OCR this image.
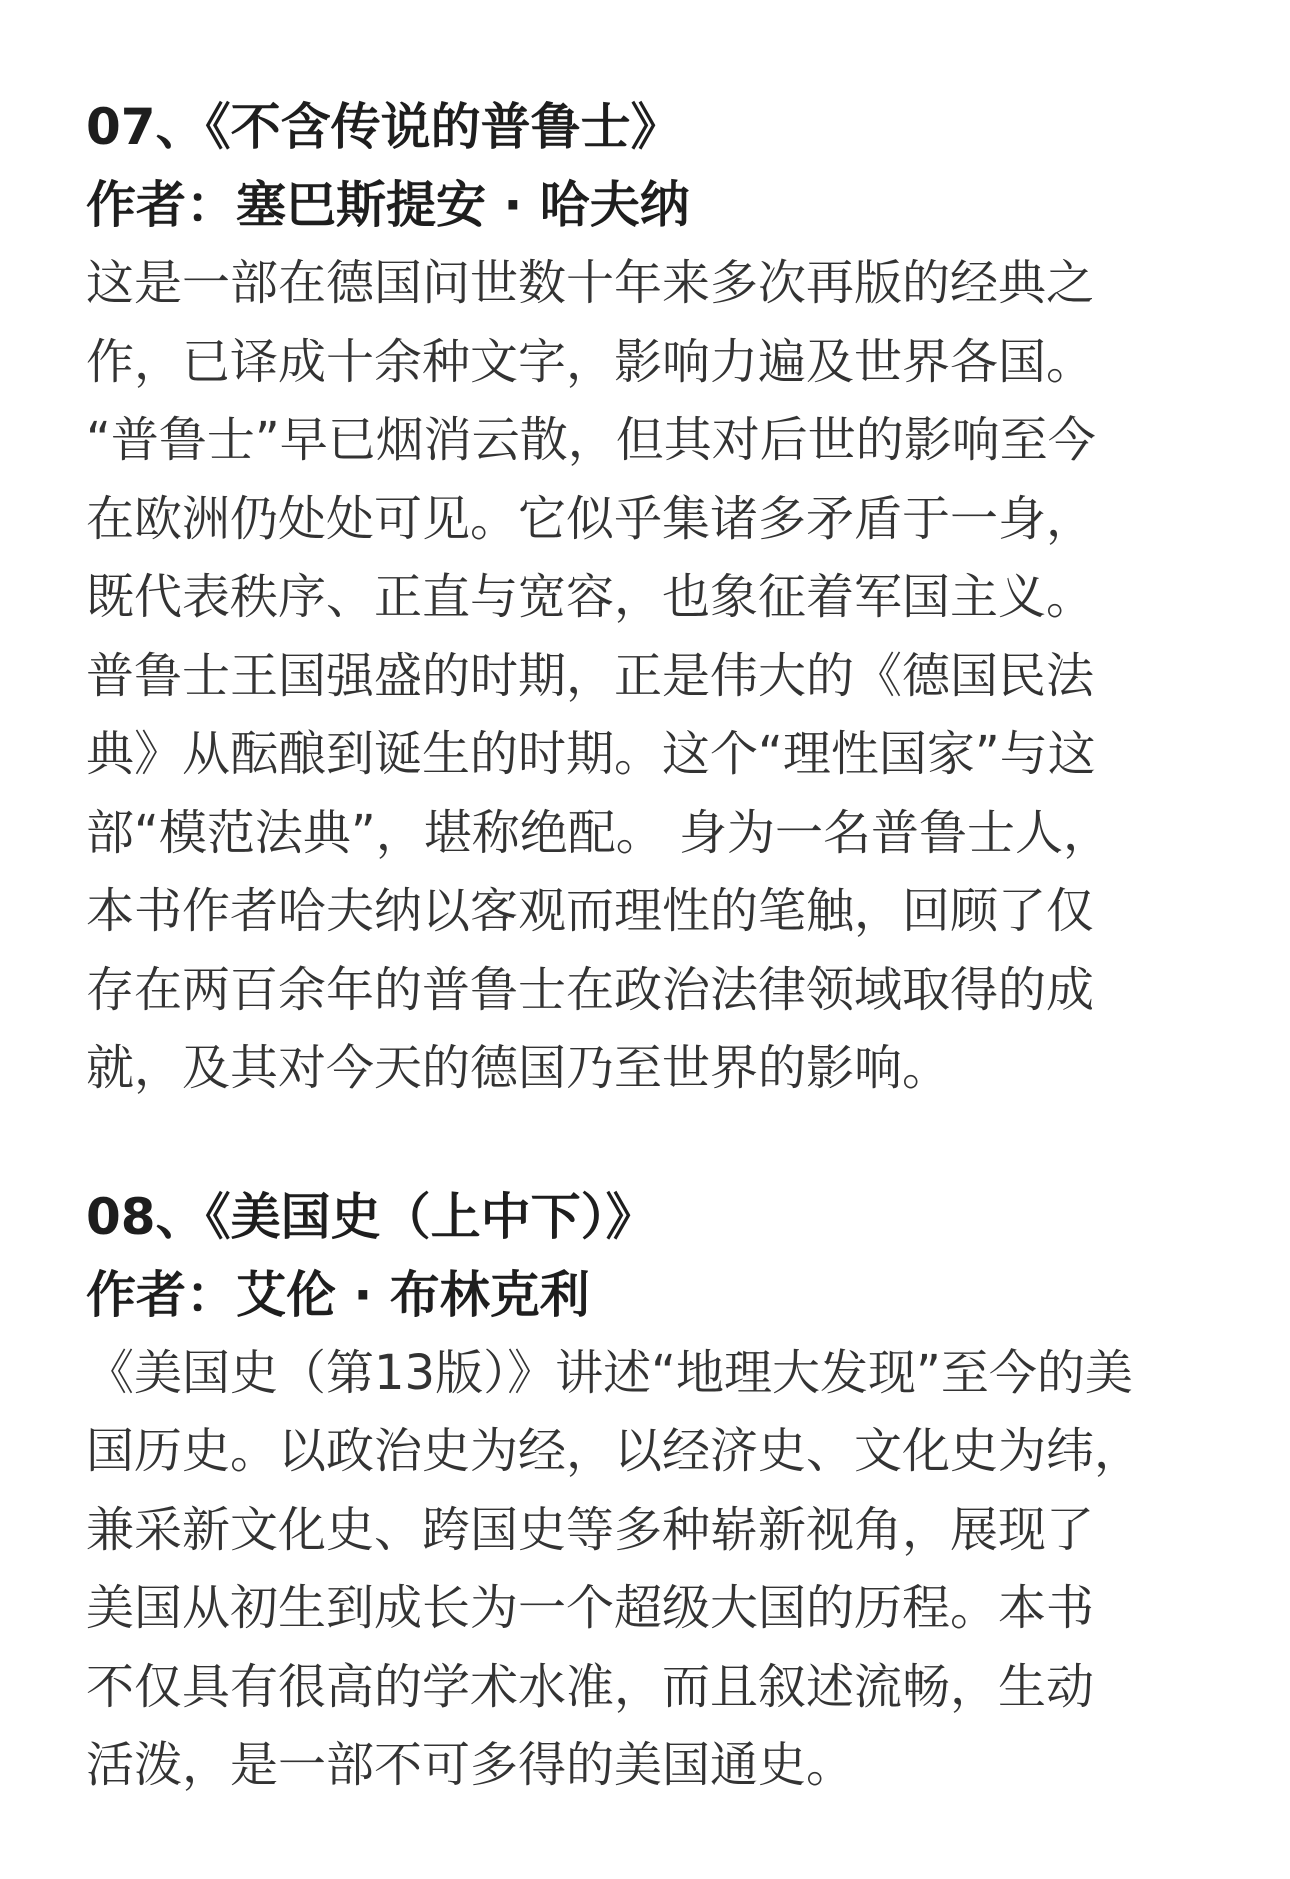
07、《不含传说的普鲁士》

作者：塞巴斯提安 · 哈夫纳

这是一部在德国问世数十年来多次再版的经典之
作，已译成十余种文字，影响力遍及世界各国。
“普鲁士”早已烟消云散，但其对后世的影响至今
在欧洲仍处处可见。它似乎集诸多矛盾于一身，
既代表秩序、正直与宽容，也象征着军国主义。
普鲁士王国强盛的时期，正是伟大的《德国民法
典》从酝酿到诞生的时期。这个“理性国家”与这
部“模范法典”，堪称绝配。 身为一名普鲁士人，
本书作者哈夫纳以客观而理性的笔触，回顾了仅
存在两百余年的普鲁士在政治法律领域取得的成
就，及其对今天的德国乃至世界的影响。

08、《美国史（上中下）》

作者：艾伦 · 布林克利

《美国史（第13版）》讲述“地理大发现”至今的美
国历史。以政治史为经，以经济史、文化史为纬，
兼采新文化史、跨国史等多种崭新视角，展现了
美国从初生到成长为一个超级大国的历程。本书
不仅具有很高的学术水准，而且叙述流畅，生动
活泼，是一部不可多得的美国通史。
